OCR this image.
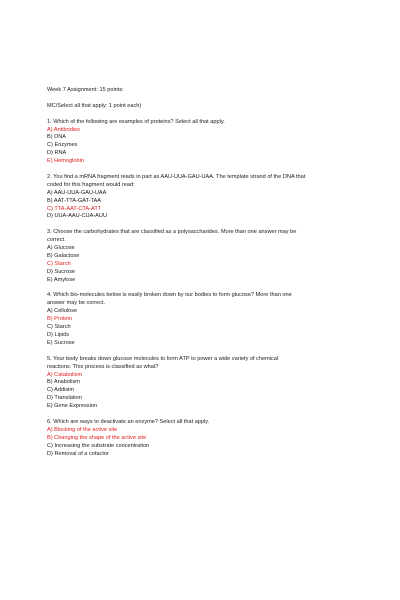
Week 7 Assignment: 15 points:

MC/Select all that apply: 1 point each)

1. Which of the following are examples of proteins? Select all that apply.

A) Antibodies

B) DNA

C) Enzymes

D) RNA

E) Hemoglobin

2. You find a mRNA fragment reads in part as AAU-UUA-GAU-UAA. The template strand of the DNA that

coded for this fragment would read:

A) AAU-UUA-GAU-UAA

B) AAT-TTA-GAT-TAA

C) TTA-AAT-CTA-ATT

D) UUA-AAU-CUA-AUU

3. Choose the carbohydrates that are classified as a polysaccharides. More than one answer may be

correct.

A) Glucose

B) Galactose

C) Starch

D) Sucrose

E) Amylose

4. Which bio-molecules below is easily broken down by our bodies to form glucose? More than one

answer may be correct.

A) Cellulose

B) Protein

C) Starch

D) Lipids

E) Sucrose

5. Your body breaks down glucose molecules to form ATP to power a wide variety of chemical

reactions. This process is classified as what?

A) Catabolism

B) Anabolism

C) Addisim

D) Translation

E) Gene Expression

6. Which are ways to deactivate an enzyme? Select all that apply.

A) Blocking of the active site

B) Changing the shape of the active site

C) Increasing the substrate concentration

D) Removal of a cofactor
